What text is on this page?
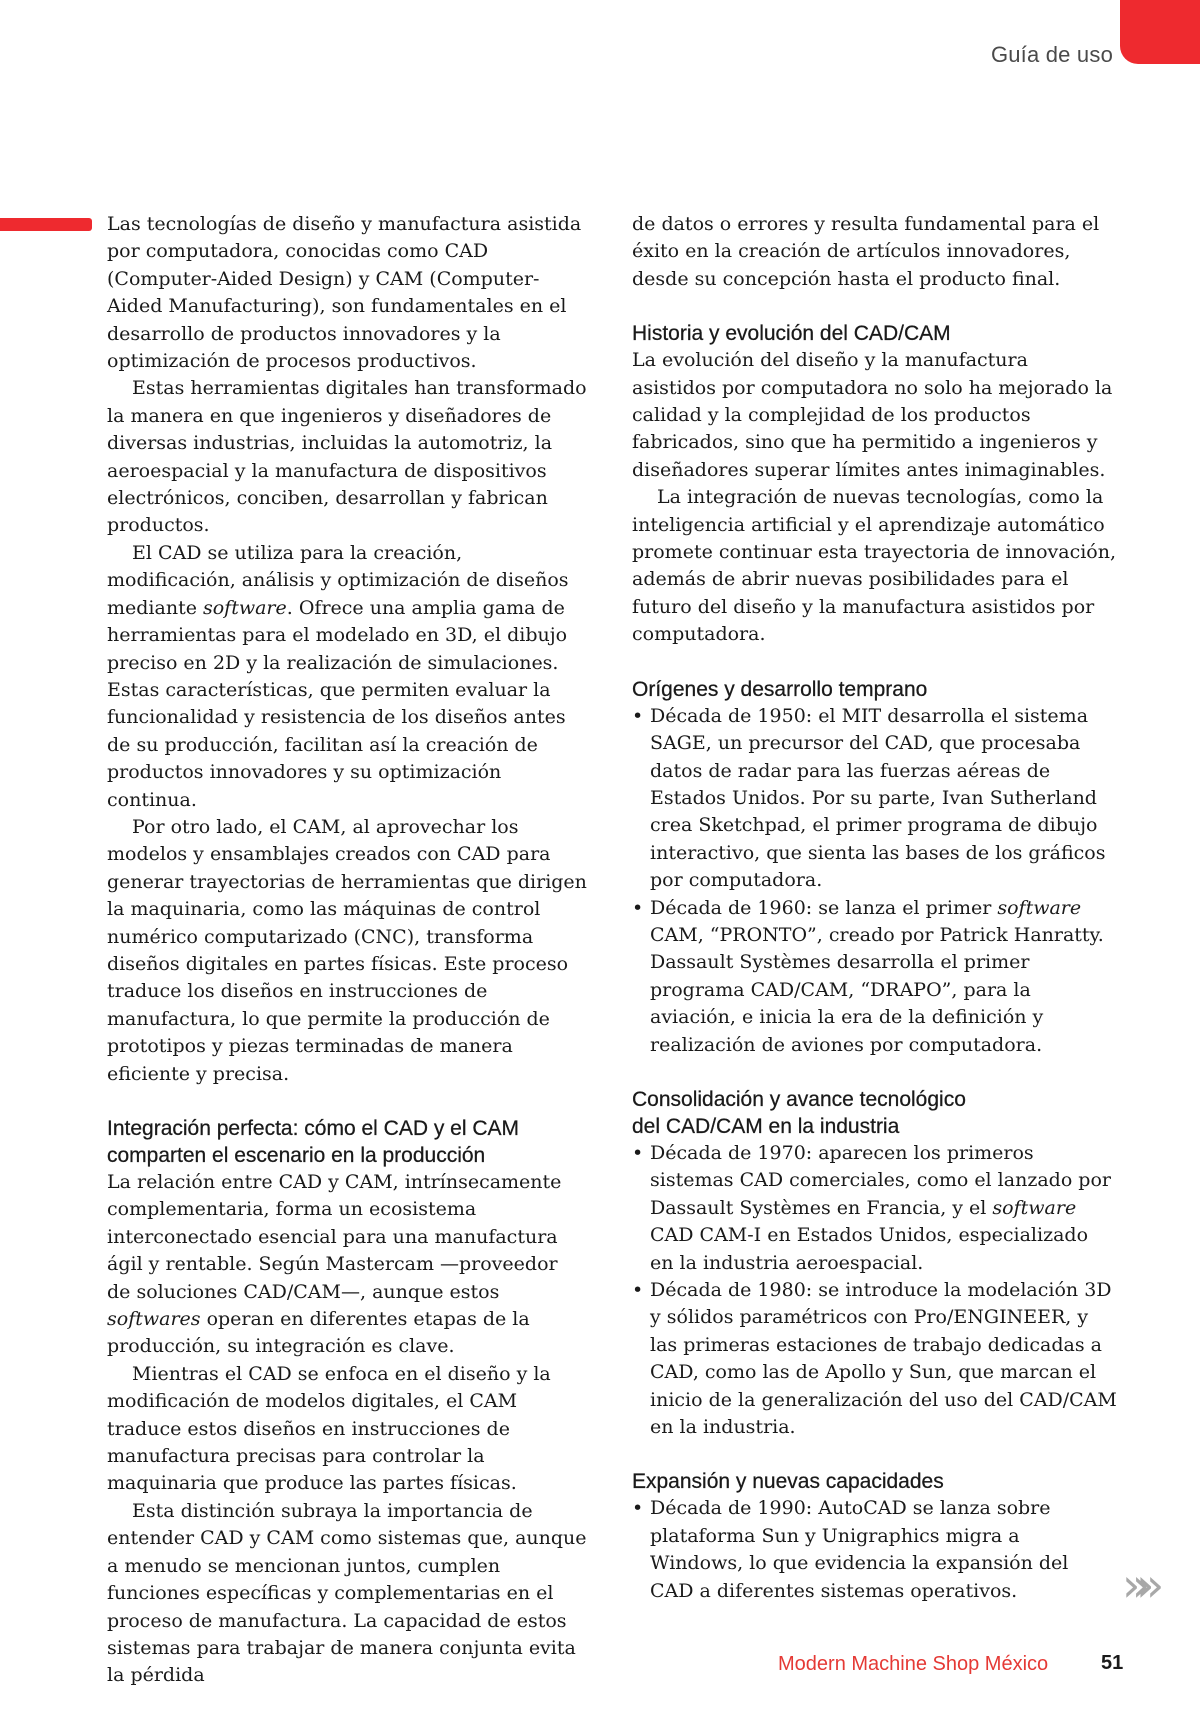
Guía de uso

Las tecnologías de diseño y manufactura asistida por computadora, conocidas como CAD (Computer-Aided Design) y CAM (Computer-Aided Manufacturing), son fundamentales en el desarrollo de productos innovadores y la optimización de procesos productivos.

Estas herramientas digitales han transformado la manera en que ingenieros y diseñadores de diversas industrias, incluidas la automotriz, la aeroespacial y la manufactura de dispositivos electrónicos, conciben, desarrollan y fabrican productos.

El CAD se utiliza para la creación, modificación, análisis y optimización de diseños mediante software. Ofrece una amplia gama de herramientas para el modelado en 3D, el dibujo preciso en 2D y la realización de simulaciones. Estas características, que permiten evaluar la funcionalidad y resistencia de los diseños antes de su producción, facilitan así la creación de productos innovadores y su optimización continua.

Por otro lado, el CAM, al aprovechar los modelos y ensamblajes creados con CAD para generar trayectorias de herramientas que dirigen la maquinaria, como las máquinas de control numérico computarizado (CNC), transforma diseños digitales en partes físicas. Este proceso traduce los diseños en instrucciones de manufactura, lo que permite la producción de prototipos y piezas terminadas de manera eficiente y precisa.

Integración perfecta: cómo el CAD y el CAM
comparten el escenario en la producción

La relación entre CAD y CAM, intrínsecamente complementaria, forma un ecosistema interconectado esencial para una manufactura ágil y rentable. Según Mastercam —proveedor de soluciones CAD/CAM—, aunque estos softwares operan en diferentes etapas de la producción, su integración es clave.

Mientras el CAD se enfoca en el diseño y la modificación de modelos digitales, el CAM traduce estos diseños en instrucciones de manufactura precisas para controlar la maquinaria que produce las partes físicas.

Esta distinción subraya la importancia de entender CAD y CAM como sistemas que, aunque a menudo se mencionan juntos, cumplen funciones específicas y complementarias en el proceso de manufactura. La capacidad de estos sistemas para trabajar de manera conjunta evita la pérdida

de datos o errores y resulta fundamental para el éxito en la creación de artículos innovadores, desde su concepción hasta el producto final.

Historia y evolución del CAD/CAM

La evolución del diseño y la manufactura asistidos por computadora no solo ha mejorado la calidad y la complejidad de los productos fabricados, sino que ha permitido a ingenieros y diseñadores superar límites antes inimaginables.

La integración de nuevas tecnologías, como la inteligencia artificial y el aprendizaje automático promete continuar esta trayectoria de innovación, además de abrir nuevas posibilidades para el futuro del diseño y la manufactura asistidos por computadora.

Orígenes y desarrollo temprano
• Década de 1950: el MIT desarrolla el sistema SAGE, un precursor del CAD, que procesaba datos de radar para las fuerzas aéreas de Estados Unidos. Por su parte, Ivan Sutherland crea Sketchpad, el primer programa de dibujo interactivo, que sienta las bases de los gráficos por computadora.
• Década de 1960: se lanza el primer software CAM, “PRONTO”, creado por Patrick Hanratty. Dassault Systèmes desarrolla el primer programa CAD/CAM, “DRAPO”, para la aviación, e inicia la era de la definición y realización de aviones por computadora.
Consolidación y avance tecnológico
del CAD/CAM en la industria
• Década de 1970: aparecen los primeros sistemas CAD comerciales, como el lanzado por Dassault Systèmes en Francia, y el software CAD CAM-I en Estados Unidos, especializado en la industria aeroespacial.
• Década de 1980: se introduce la modelación 3D y sólidos paramétricos con Pro/ENGINEER, y las primeras estaciones de trabajo dedicadas a CAD, como las de Apollo y Sun, que marcan el inicio de la generalización del uso del CAD/CAM en la industria.
Expansión y nuevas capacidades
• Década de 1990: AutoCAD se lanza sobre plataforma Sun y Unigraphics migra a Windows, lo que evidencia la expansión del CAD a diferentes sistemas operativos.	»»
Modern Machine Shop México	51
